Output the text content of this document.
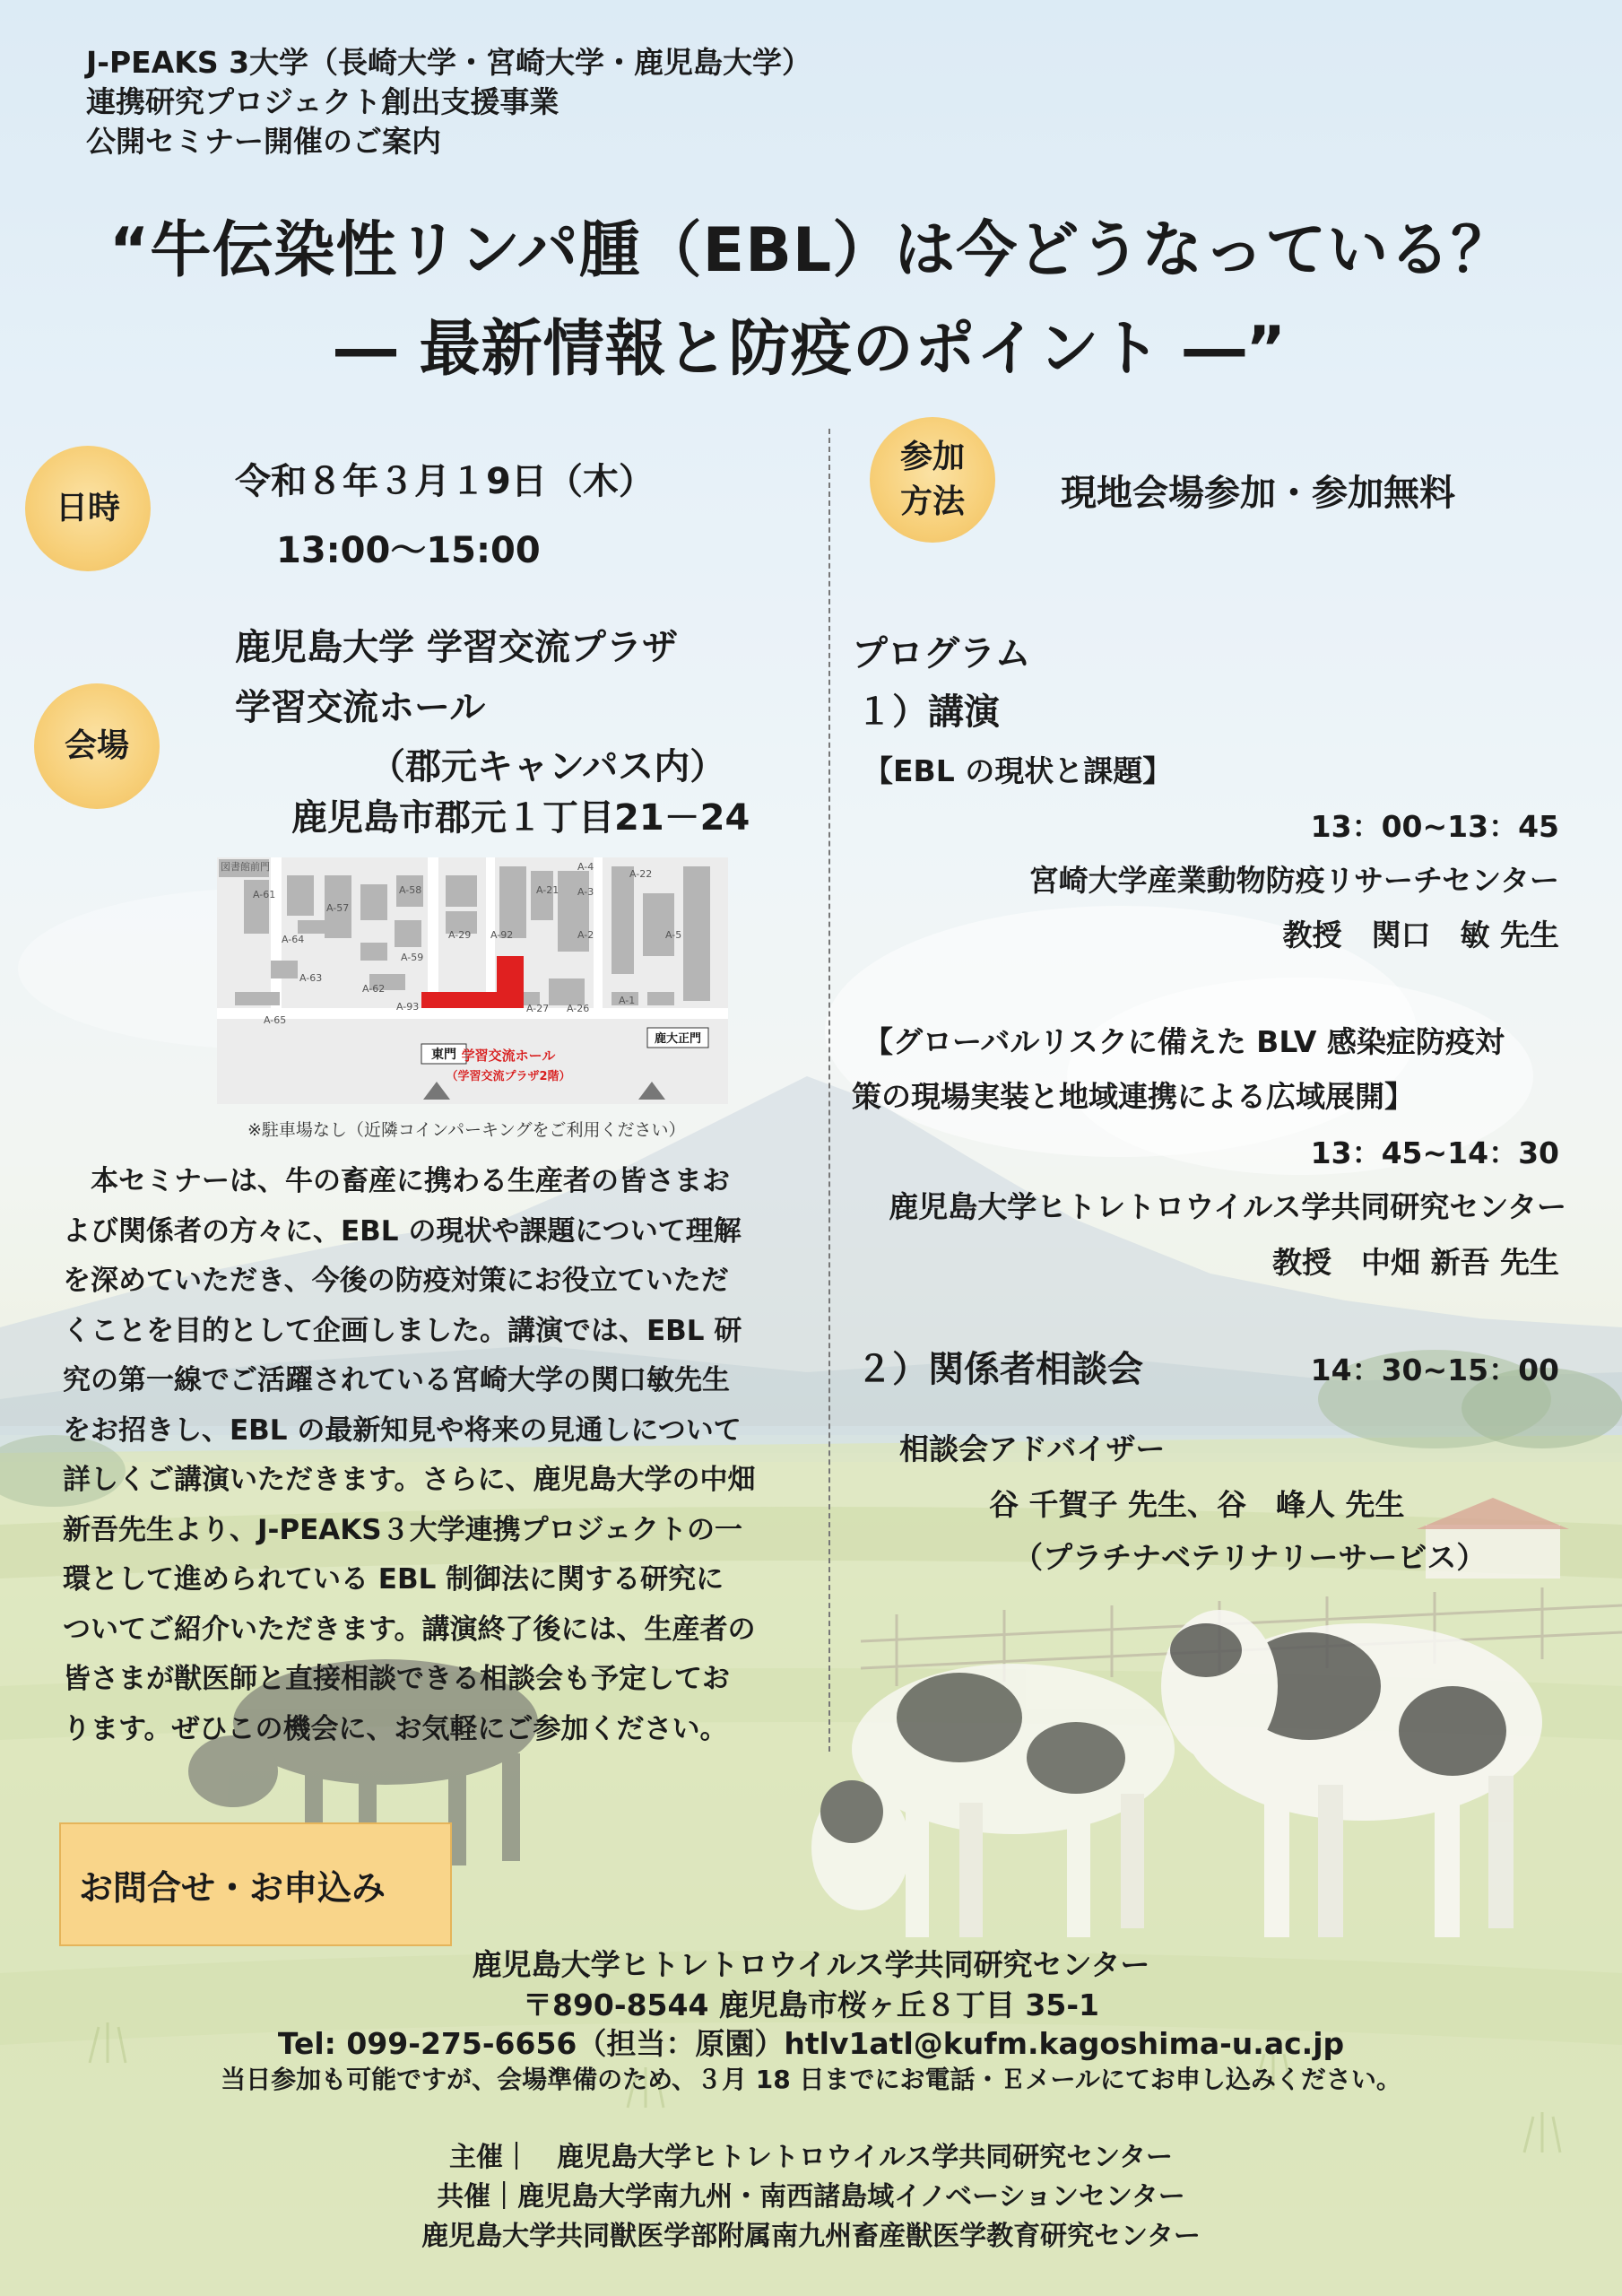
J-PEAKS 3大学（長崎大学・宮崎大学・鹿児島大学）
連携研究プロジェクト創出支援事業
公開セミナー開催のご案内
“牛伝染性リンパ腫（EBL）は今どうなっている？
― 最新情報と防疫のポイント ―”
日時
令和８年３月１9日（木）
13:00～15:00
会場
鹿児島大学 学習交流プラザ
学習交流ホール
（郡元キャンパス内）
鹿児島市郡元１丁目21－24
図書館前門
A-61
A-64
A-63
A-65
A-57
A-58
A-59
A-62
A-93
A-29 A-92
A-21
A-4
A-3
A-2
A-22
A-5
A-27 A-26
A-1
東門
鹿大正門
学習交流ホール
（学習交流プラザ2階）
※駐車場なし（近隣コインパーキングをご利用ください）
　本セミナーは、牛の畜産に携わる生産者の皆さまお
よび関係者の方々に、EBL の現状や課題について理解
を深めていただき、今後の防疫対策にお役立ていただ
くことを目的として企画しました。講演では、EBL 研
究の第一線でご活躍されている宮崎大学の関口敏先生
をお招きし、EBL の最新知見や将来の見通しについて
詳しくご講演いただきます。さらに、鹿児島大学の中畑
新吾先生より、J-PEAKS３大学連携プロジェクトの一
環として進められている EBL 制御法に関する研究に
ついてご紹介いただきます。講演終了後には、生産者の
皆さまが獣医師と直接相談できる相談会も予定してお
ります。ぜひこの機会に、お気軽にご参加ください。
参加
方法	現地会場参加・参加無料
プログラム
１）講演
【EBL の現状と課題】
13：00~13：45
宮崎大学産業動物防疫リサーチセンター
教授　関口　敏 先生
【グローバルリスクに備えた BLV 感染症防疫対
策の現場実装と地域連携による広域展開】
13：45~14：30
鹿児島大学ヒトレトロウイルス学共同研究センター
教授　中畑 新吾 先生
２）関係者相談会	14：30~15：00
相談会アドバイザー
谷 千賀子 先生、谷　峰人 先生
（プラチナベテリナリーサービス）
お問合せ・お申込み
鹿児島大学ヒトレトロウイルス学共同研究センター
〒890-8544 鹿児島市桜ヶ丘８丁目 35-1
Tel: 099-275-6656（担当：原園）htlv1atl@kufm.kagoshima-u.ac.jp
当日参加も可能ですが、会場準備のため、３月 18 日までにお電話・Ｅメールにてお申し込みください。
主催｜　鹿児島大学ヒトレトロウイルス学共同研究センター
共催｜鹿児島大学南九州・南西諸島域イノベーションセンター
鹿児島大学共同獣医学部附属南九州畜産獣医学教育研究センター
